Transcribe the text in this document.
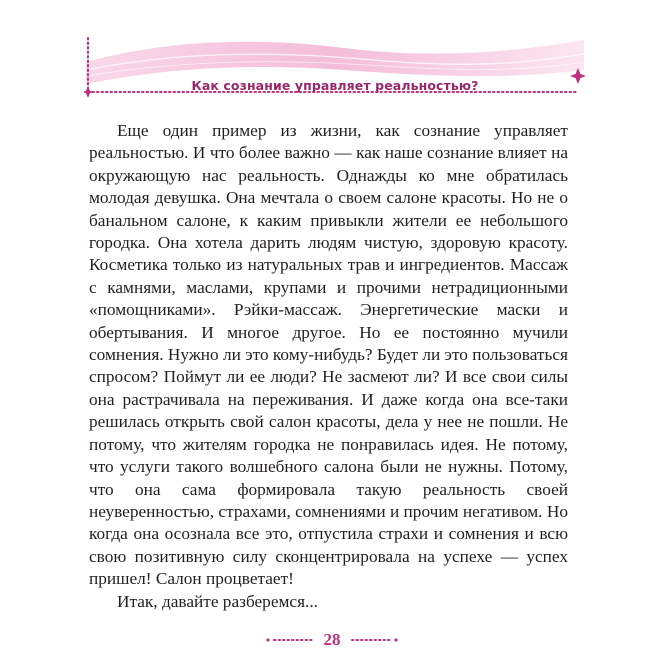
Как сознание управляет реальностью?

Еще один пример из жизни, как сознание управляет реальностью. И что более важно — как наше сознание влияет на окружающую нас реальность. Однажды ко мне обратилась молодая девушка. Она мечтала о своем салоне красоты. Но не о банальном салоне, к каким привыкли жители ее небольшого городка. Она хотела дарить людям чистую, здоровую красоту. Косметика только из натуральных трав и ингредиентов. Массаж с камнями, маслами, крупами и прочими нетрадиционными «помощниками». Рэйки-массаж. Энергетические маски и обертывания. И многое другое. Но ее постоянно мучили сомнения. Нужно ли это кому-нибудь? Будет ли это пользоваться спросом? Поймут ли ее люди? Не засмеют ли? И все свои силы она растрачивала на переживания. И даже когда она все-таки решилась открыть свой салон красоты, дела у нее не пошли. Не потому, что жителям городка не понравилась идея. Не потому, что услуги такого волшебного салона были не нужны. Потому, что она сама формировала такую реальность своей неуверенностью, страхами, сомнениями и прочим негативом. Но когда она осознала все это, отпустила страхи и сомнения и всю свою позитивную силу сконцентрировала на успехе — успех пришел! Салон процветает!

Итак, давайте разберемся...

28
